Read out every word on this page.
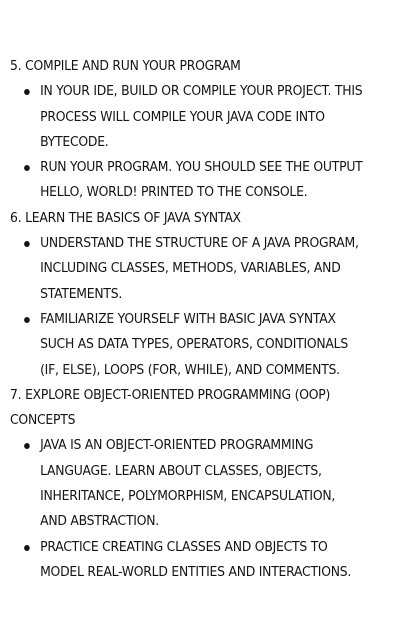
5. COMPILE AND RUN YOUR PROGRAM
IN YOUR IDE, BUILD OR COMPILE YOUR PROJECT. THIS PROCESS WILL COMPILE YOUR JAVA CODE INTO BYTECODE.
RUN YOUR PROGRAM. YOU SHOULD SEE THE OUTPUT HELLO, WORLD! PRINTED TO THE CONSOLE.
6. LEARN THE BASICS OF JAVA SYNTAX
UNDERSTAND THE STRUCTURE OF A JAVA PROGRAM, INCLUDING CLASSES, METHODS, VARIABLES, AND STATEMENTS.
FAMILIARIZE YOURSELF WITH BASIC JAVA SYNTAX SUCH AS DATA TYPES, OPERATORS, CONDITIONALS (IF, ELSE), LOOPS (FOR, WHILE), AND COMMENTS.
7. EXPLORE OBJECT-ORIENTED PROGRAMMING (OOP) CONCEPTS
JAVA IS AN OBJECT-ORIENTED PROGRAMMING LANGUAGE. LEARN ABOUT CLASSES, OBJECTS, INHERITANCE, POLYMORPHISM, ENCAPSULATION, AND ABSTRACTION.
PRACTICE CREATING CLASSES AND OBJECTS TO MODEL REAL-WORLD ENTITIES AND INTERACTIONS.
